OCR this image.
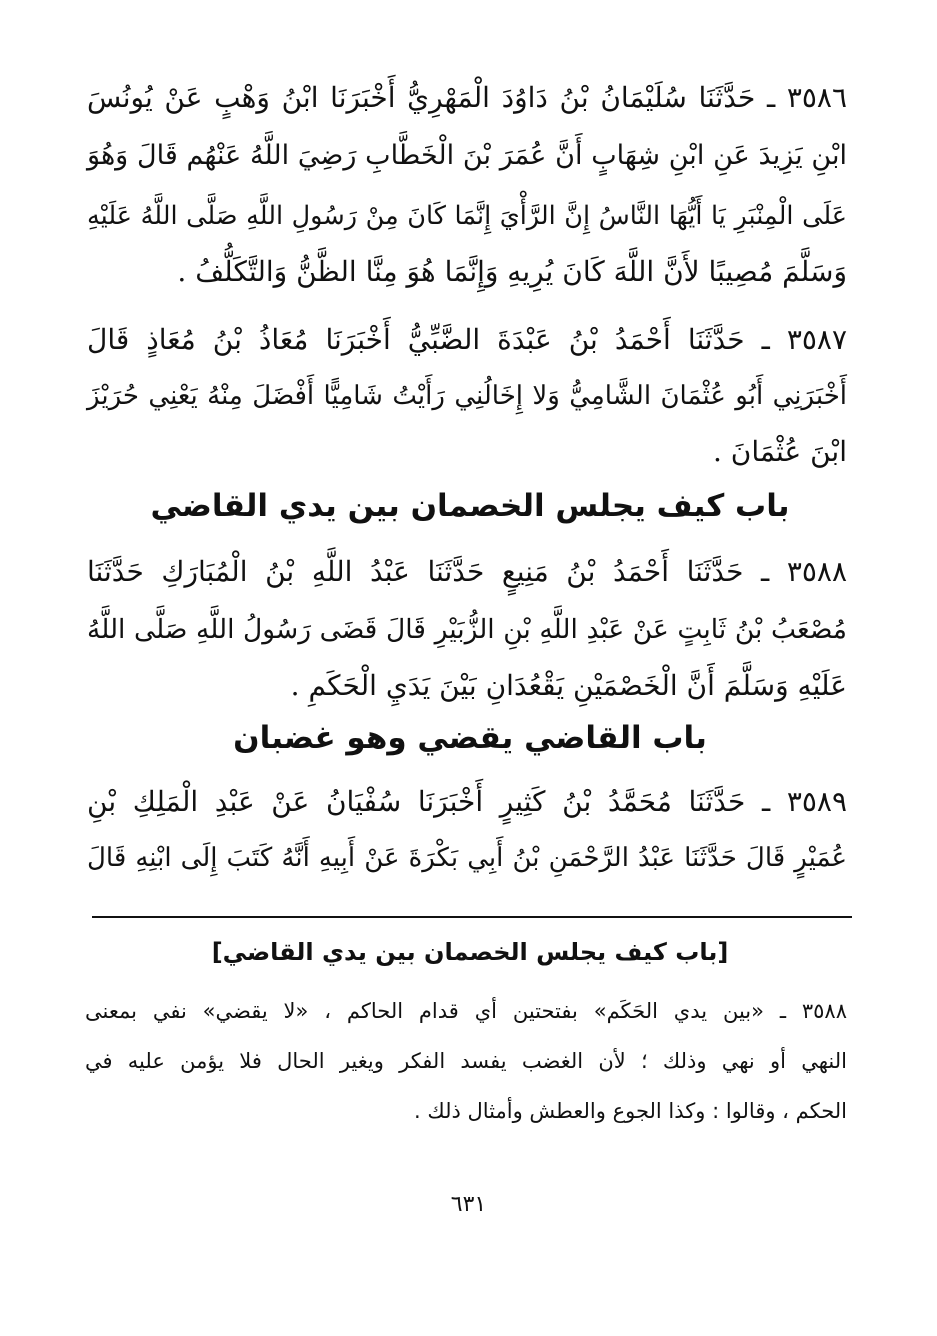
٣٥٨٦ ـ حَدَّثَنَا سُلَيْمَانُ بْنُ دَاوُدَ الْمَهْرِيُّ أَخْبَرَنَا ابْنُ وَهْبٍ عَنْ يُونُسَ
ابْنِ يَزِيدَ عَنِ ابْنِ شِهَابٍ أَنَّ عُمَرَ بْنَ الْخَطَّابِ رَضِيَ اللَّهُ عَنْهُم قَالَ وَهُوَ
عَلَى الْمِنْبَرِ يَا أَيُّهَا النَّاسُ إِنَّ الرَّأْيَ إِنَّمَا كَانَ مِنْ رَسُولِ اللَّهِ صَلَّى اللَّهُ عَلَيْهِ
وَسَلَّمَ مُصِيبًا لأَنَّ اللَّهَ كَانَ يُرِيهِ وَإِنَّمَا هُوَ مِنَّا الظَّنُّ وَالتَّكَلُّفُ .
٣٥٨٧ ـ حَدَّثَنَا أَحْمَدُ بْنُ عَبْدَةَ الضَّبِّيُّ أَخْبَرَنَا مُعَاذُ بْنُ مُعَاذٍ قَالَ
أَخْبَرَنِي أَبُو عُثْمَانَ الشَّامِيُّ وَلا إِخَالُنِي رَأَيْتُ شَامِيًّا أَفْضَلَ مِنْهُ يَعْنِي حُرَيْزَ
ابْنَ عُثْمَانَ .
باب كيف يجلس الخصمان بين يدي القاضي
٣٥٨٨ ـ حَدَّثَنَا أَحْمَدُ بْنُ مَنِيعٍ حَدَّثَنَا عَبْدُ اللَّهِ بْنُ الْمُبَارَكِ حَدَّثَنَا
مُصْعَبُ بْنُ ثَابِتٍ عَنْ عَبْدِ اللَّهِ بْنِ الزُّبَيْرِ قَالَ قَضَى رَسُولُ اللَّهِ صَلَّى اللَّهُ
عَلَيْهِ وَسَلَّمَ أَنَّ الْخَصْمَيْنِ يَقْعُدَانِ بَيْنَ يَدَيِ الْحَكَمِ .
باب القاضي يقضي وهو غضبان
٣٥٨٩ ـ حَدَّثَنَا مُحَمَّدُ بْنُ كَثِيرٍ أَخْبَرَنَا سُفْيَانُ عَنْ عَبْدِ الْمَلِكِ بْنِ
عُمَيْرٍ قَالَ حَدَّثَنَا عَبْدُ الرَّحْمَنِ بْنُ أَبِي بَكْرَةَ عَنْ أَبِيهِ أَنَّهُ كَتَبَ إِلَى ابْنِهِ قَالَ
[باب كيف يجلس الخصمان بين يدي القاضي]
٣٥٨٨ ـ «بين يدي الحَكَم» بفتحتين أي قدام الحاكم ، «لا يقضي» نفي بمعنى
النهي أو نهي وذلك ؛ لأن الغضب يفسد الفكر ويغير الحال فلا يؤمن عليه في
الحكم ، وقالوا : وكذا الجوع والعطش وأمثال ذلك .
٦٣١
